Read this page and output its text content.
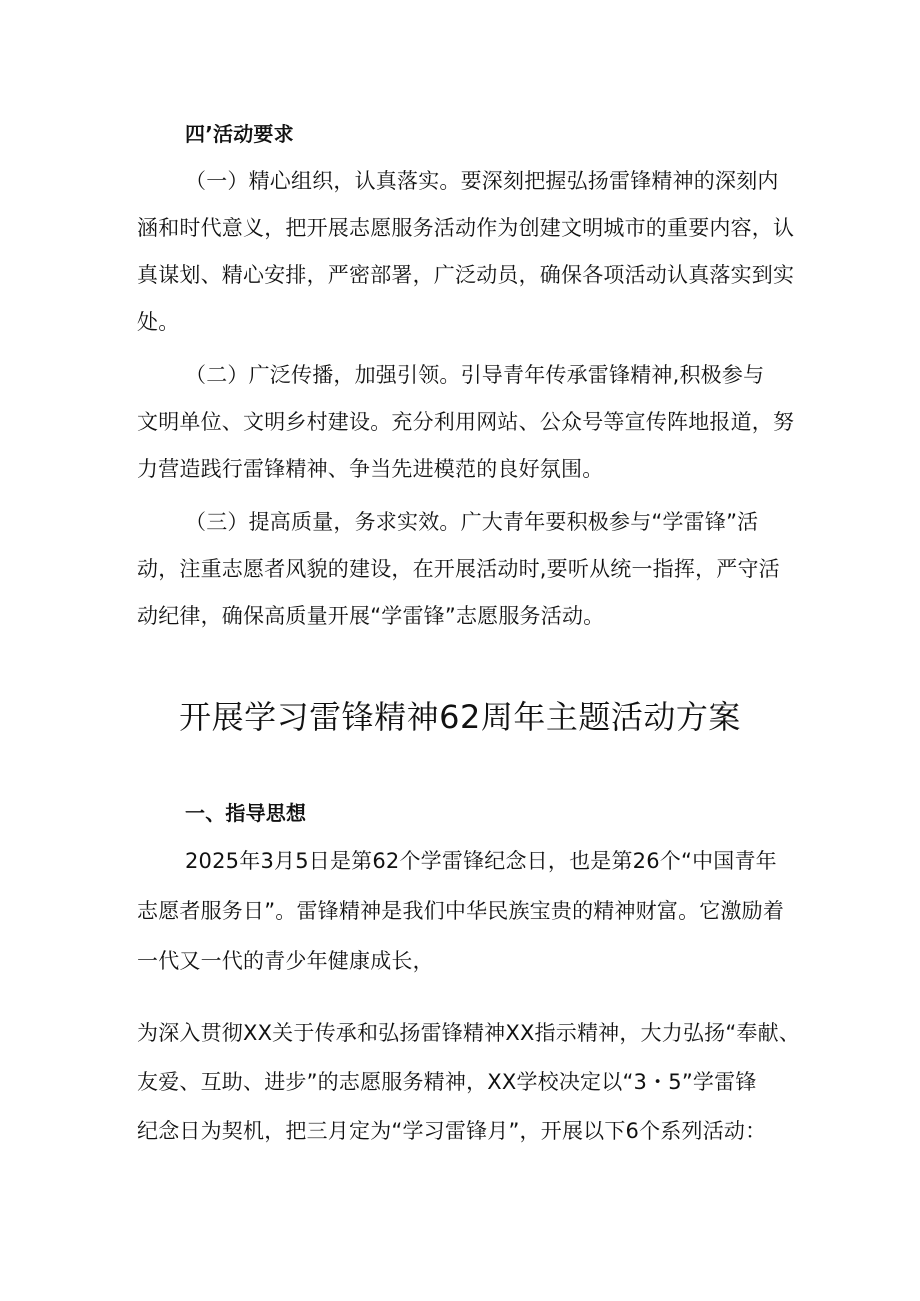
四’活动要求
（一）精心组织，认真落实。要深刻把握弘扬雷锋精神的深刻内
涵和时代意义，把开展志愿服务活动作为创建文明城市的重要内容，认
真谋划、精心安排，严密部署，广泛动员，确保各项活动认真落实到实
处。
（二）广泛传播，加强引领。引导青年传承雷锋精神,积极参与
文明单位、文明乡村建设。充分利用网站、公众号等宣传阵地报道，努
力营造践行雷锋精神、争当先进模范的良好氛围。
（三）提高质量，务求实效。广大青年要积极参与“学雷锋”活
动，注重志愿者风貌的建设，在开展活动时,要听从统一指挥，严守活
动纪律，确保高质量开展“学雷锋”志愿服务活动。
开展学习雷锋精神62周年主题活动方案
一、指导思想
2025年3月5日是第62个学雷锋纪念日，也是第26个“中国青年
志愿者服务日”。雷锋精神是我们中华民族宝贵的精神财富。它激励着
一代又一代的青少年健康成长，
为深入贯彻XX关于传承和弘扬雷锋精神XX指示精神，大力弘扬“奉献、
友爱、互助、进步”的志愿服务精神，XX学校决定以“3・5”学雷锋
纪念日为契机，把三月定为“学习雷锋月”，开展以下6个系列活动：
